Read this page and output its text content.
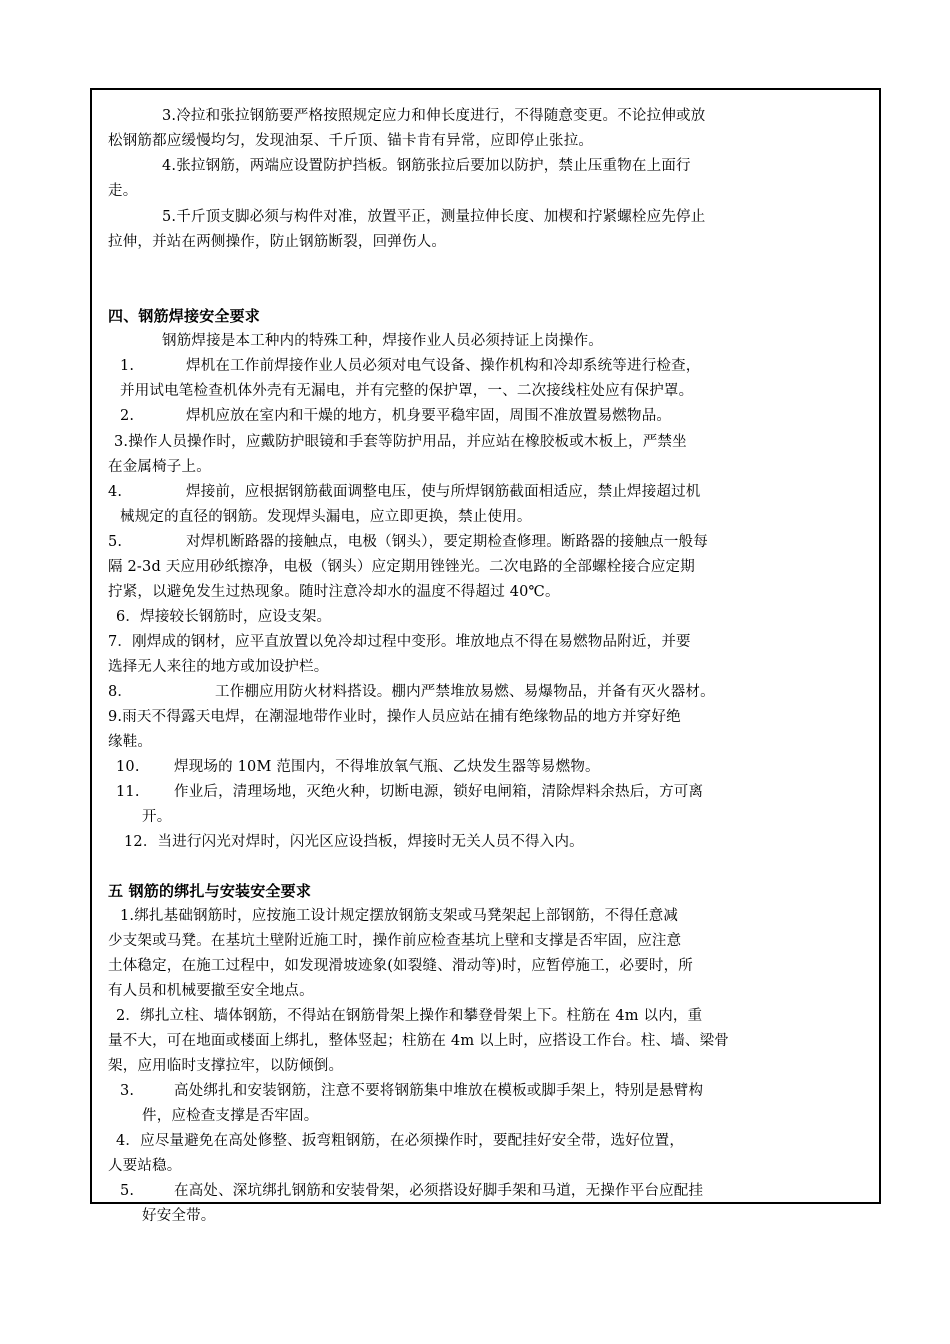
3.冷拉和张拉钢筋要严格按照规定应力和伸长度进行，不得随意变更。不论拉伸或放
松钢筋都应缓慢均匀，发现油泵、千斤顶、锚卡肯有异常，应即停止张拉。
4.张拉钢筋，两端应设置防护挡板。钢筋张拉后要加以防护，禁止压重物在上面行
走。
5.千斤顶支脚必须与构件对准，放置平正，测量拉伸长度、加楔和拧紧螺栓应先停止
拉伸，并站在两侧操作，防止钢筋断裂，回弹伤人。
四、钢筋焊接安全要求
钢筋焊接是本工种内的特殊工种，焊接作业人员必须持证上岗操作。
1.	焊机在工作前焊接作业人员必须对电气设备、操作机构和冷却系统等进行检查，
并用试电笔检查机体外壳有无漏电，并有完整的保护罩，一、二次接线柱处应有保护罩。
2.	焊机应放在室内和干燥的地方，机身要平稳牢固，周围不准放置易燃物品。
3.操作人员操作时，应戴防护眼镜和手套等防护用品，并应站在橡胶板或木板上，严禁坐
在金属椅子上。
4.	焊接前，应根据钢筋截面调整电压，使与所焊钢筋截面相适应，禁止焊接超过机
械规定的直径的钢筋。发现焊头漏电，应立即更换，禁止使用。
5.	对焊机断路器的接触点，电极（钢头），要定期检查修理。断路器的接触点一般每
隔 2-3d 天应用砂纸擦净，电极（钢头）应定期用锉锉光。二次电路的全部螺栓接合应定期
拧紧，以避免发生过热现象。随时注意冷却水的温度不得超过 40℃。
6．焊接较长钢筋时，应设支架。
7．刚焊成的钢材，应平直放置以免冷却过程中变形。堆放地点不得在易燃物品附近，并要
选择无人来往的地方或加设护栏。
8．	工作棚应用防火材料搭设。棚内严禁堆放易燃、易爆物品，并备有灭火器材。
9.雨天不得露天电焊，在潮湿地带作业时，操作人员应站在捕有绝缘物品的地方并穿好绝
缘鞋。
10. 焊现场的 10M 范围内，不得堆放氧气瓶、乙炔发生器等易燃物。
11. 作业后，清理场地，灭绝火种，切断电源，锁好电闸箱，清除焊料余热后，方可离
开。
12．当进行闪光对焊时，闪光区应设挡板，焊接时无关人员不得入内。
五 钢筋的绑扎与安装安全要求
1.绑扎基础钢筋时，应按施工设计规定摆放钢筋支架或马凳架起上部钢筋，不得任意减
少支架或马凳。在基坑土壁附近施工时，操作前应检查基坑上壁和支撑是否牢固，应注意
土体稳定，在施工过程中，如发现滑坡迹象(如裂缝、滑动等)时，应暂停施工，必要时，所
有人员和机械要撤至安全地点。
2．绑扎立柱、墙体钢筋，不得站在钢筋骨架上操作和攀登骨架上下。柱筋在 4m 以内，重
量不大，可在地面或楼面上绑扎，整体竖起；柱筋在 4m 以上时，应搭设工作台。柱、墙、梁骨
架，应用临时支撑拉牢，以防倾倒。
3.	高处绑扎和安装钢筋，注意不要将钢筋集中堆放在模板或脚手架上，特别是悬臂构
件，应检查支撑是否牢固。
4．应尽量避免在高处修整、扳弯粗钢筋，在必须操作时，要配挂好安全带，选好位置，
人要站稳。
5.	在高处、深坑绑扎钢筋和安装骨架，必须搭设好脚手架和马道，无操作平台应配挂
好安全带。
